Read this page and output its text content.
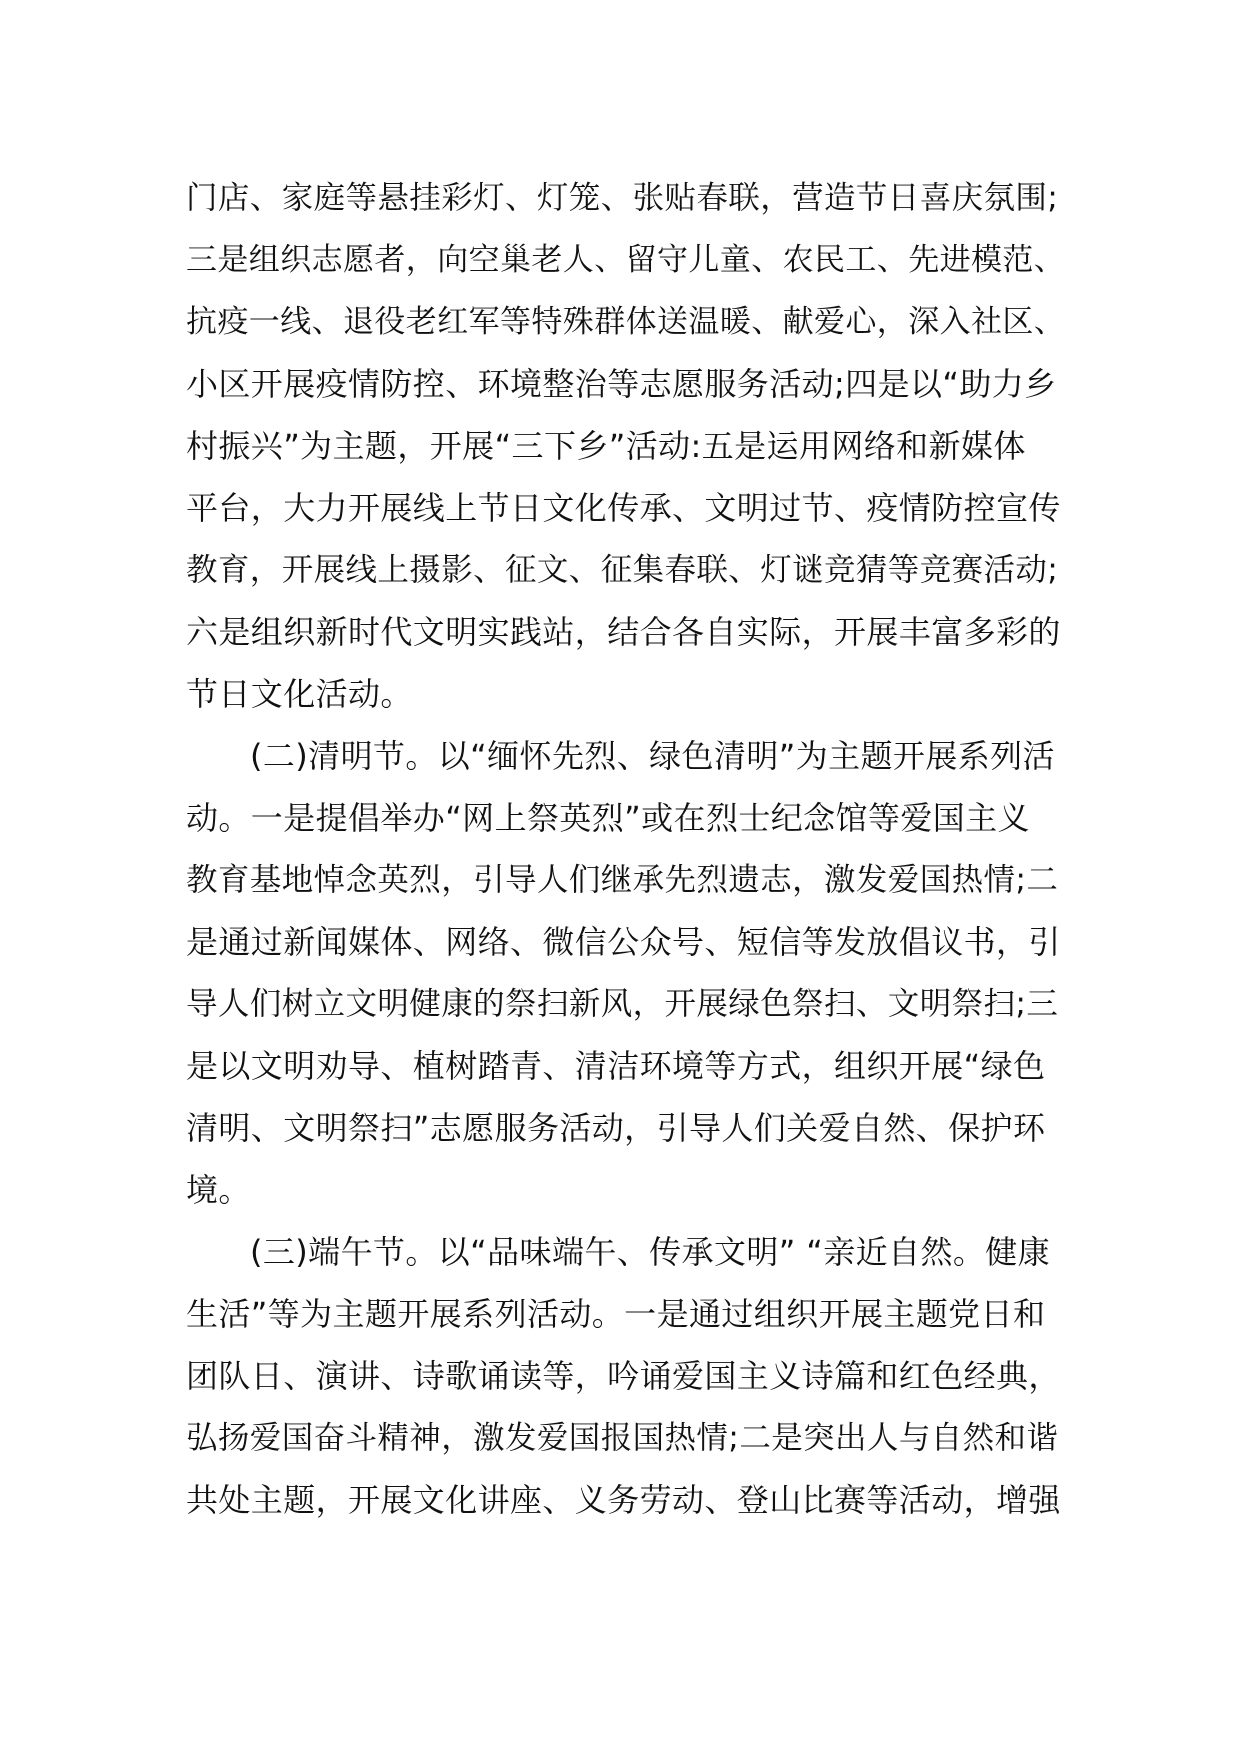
门店、家庭等悬挂彩灯、灯笼、张贴春联，营造节日喜庆氛围;
三是组织志愿者，向空巢老人、留守儿童、农民工、先进模范、
抗疫一线、退役老红军等特殊群体送温暖、献爱心，深入社区、
小区开展疫情防控、环境整治等志愿服务活动;四是以“助力乡
村振兴”为主题，开展“三下乡”活动:五是运用网络和新媒体
平台，大力开展线上节日文化传承、文明过节、疫情防控宣传
教育，开展线上摄影、征文、征集春联、灯谜竞猜等竞赛活动;
六是组织新时代文明实践站，结合各自实际，开展丰富多彩的
节日文化活动。
(二)清明节。以“缅怀先烈、绿色清明”为主题开展系列活
动。一是提倡举办“网上祭英烈”或在烈士纪念馆等爱国主义
教育基地悼念英烈，引导人们继承先烈遗志，激发爱国热情;二
是通过新闻媒体、网络、微信公众号、短信等发放倡议书，引
导人们树立文明健康的祭扫新风，开展绿色祭扫、文明祭扫;三
是以文明劝导、植树踏青、清洁环境等方式，组织开展“绿色
清明、文明祭扫”志愿服务活动，引导人们关爱自然、保护环
境。
(三)端午节。以“品味端午、传承文明” “亲近自然。健康
生活”等为主题开展系列活动。一是通过组织开展主题党日和
团队日、演讲、诗歌诵读等，吟诵爱国主义诗篇和红色经典，
弘扬爱国奋斗精神，激发爱国报国热情;二是突出人与自然和谐
共处主题，开展文化讲座、义务劳动、登山比赛等活动，增强
